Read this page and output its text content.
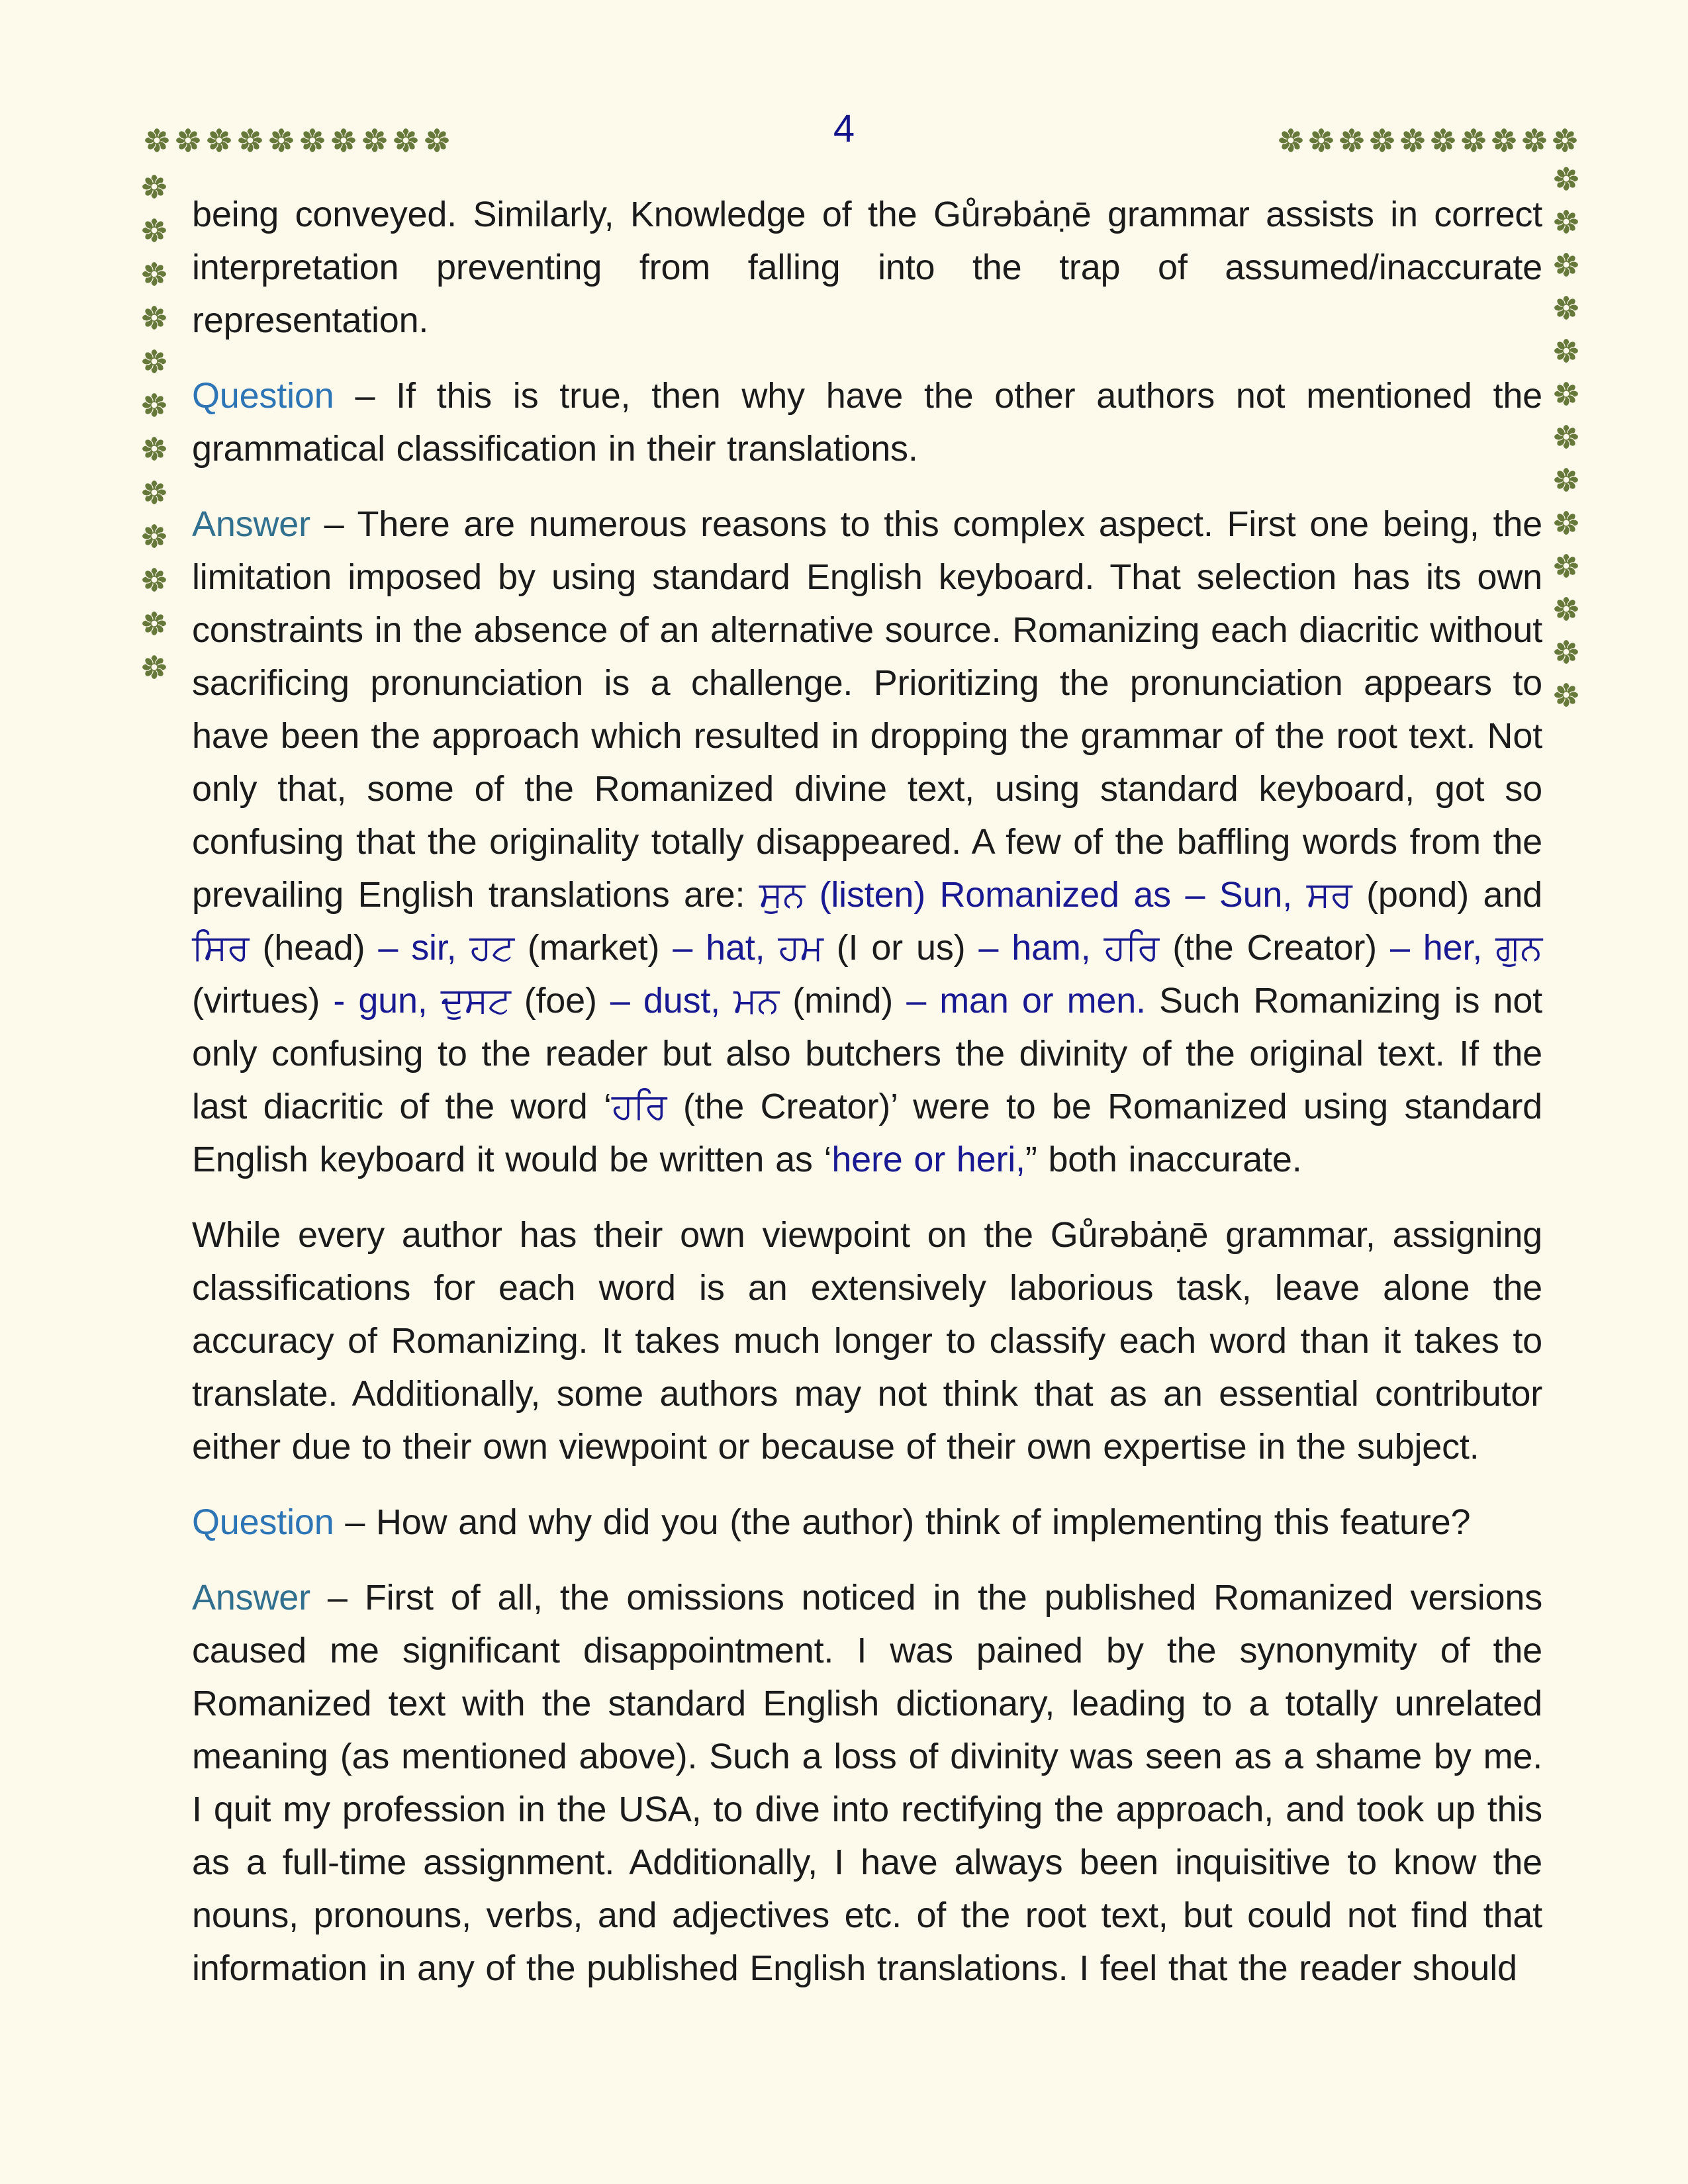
4

being conveyed. Similarly, Knowledge of the Gůrəbȧṇē grammar assists in correct interpretation preventing from falling into the trap of assumed/inaccurate representation.

Question – If this is true, then why have the other authors not mentioned the grammatical classification in their translations.

Answer – There are numerous reasons to this complex aspect. First one being, the limitation imposed by using standard English keyboard. That selection has its own constraints in the absence of an alternative source. Romanizing each diacritic without sacrificing pronunciation is a challenge. Prioritizing the pronunciation appears to have been the approach which resulted in dropping the grammar of the root text. Not only that, some of the Romanized divine text, using standard keyboard, got so confusing that the originality totally disappeared. A few of the baffling words from the prevailing English translations are: ਸੁਨ (listen) Romanized as – Sun, ਸਰ (pond) and ਸਿਰ (head) – sir, ਹਟ (market) – hat, ਹਮ (I or us) – ham, ਹਰਿ (the Creator) – her, ਗੁਨ (virtues) - gun, ਦੁਸਟ (foe) – dust, ਮਨ (mind) – man or men. Such Romanizing is not only confusing to the reader but also butchers the divinity of the original text. If the last diacritic of the word ‘ਹਰਿ (the Creator)’ were to be Romanized using standard English keyboard it would be written as ‘here or heri,” both inaccurate.

While every author has their own viewpoint on the Gůrəbȧṇē grammar, assigning classifications for each word is an extensively laborious task, leave alone the accuracy of Romanizing. It takes much longer to classify each word than it takes to translate. Additionally, some authors may not think that as an essential contributor either due to their own viewpoint or because of their own expertise in the subject.

Question – How and why did you (the author) think of implementing this feature?

Answer – First of all, the omissions noticed in the published Romanized versions caused me significant disappointment. I was pained by the synonymity of the Romanized text with the standard English dictionary, leading to a totally unrelated meaning (as mentioned above). Such a loss of divinity was seen as a shame by me. I quit my profession in the USA, to dive into rectifying the approach, and took up this as a full-time assignment. Additionally, I have always been inquisitive to know the nouns, pronouns, verbs, and adjectives etc. of the root text, but could not find that information in any of the published English translations. I feel that the reader should
